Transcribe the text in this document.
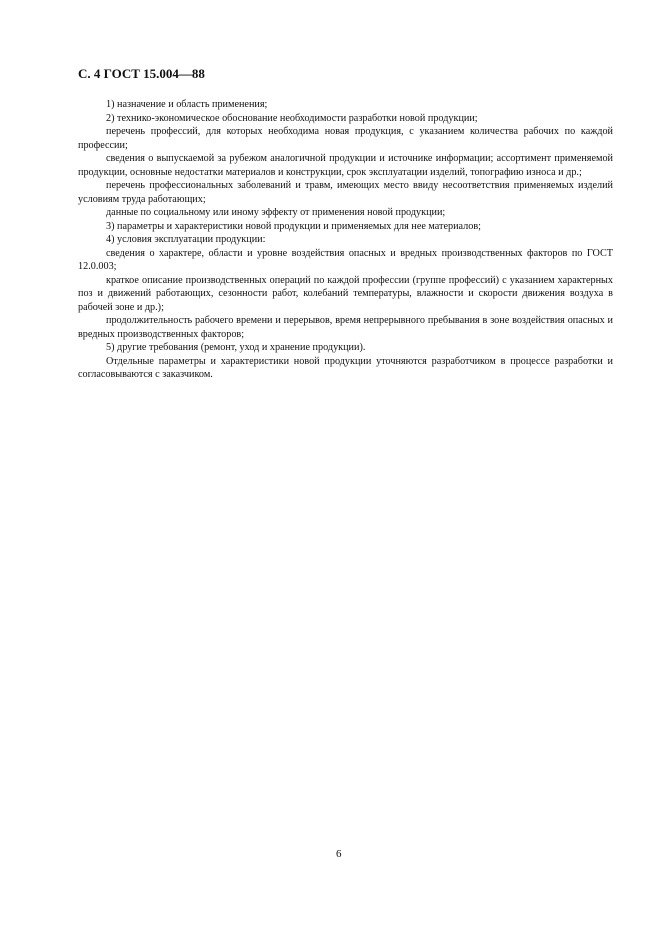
С. 4 ГОСТ 15.004—88

1) назначение и область применения;

2) технико-экономическое обоснование необходимости разработки новой продукции;

перечень профессий, для которых необходима новая продукция, с указанием количества рабочих по каждой профессии;

сведения о выпускаемой за рубежом аналогичной продукции и источнике информации; ассортимент применяемой продукции, основные недостатки материалов и конструкции, срок эксплуатации изделий, топографию износа и др.;

перечень профессиональных заболеваний и травм, имеющих место ввиду несоответствия применяемых изделий условиям труда работающих;

данные по социальному или иному эффекту от применения новой продукции;

3) параметры и характеристики новой продукции и применяемых для нее материалов;

4) условия эксплуатации продукции:

сведения о характере, области и уровне воздействия опасных и вредных производственных факторов по ГОСТ 12.0.003;

краткое описание производственных операций по каждой профессии (группе профессий) с указанием характерных поз и движений работающих, сезонности работ, колебаний температуры, влажности и скорости движения воздуха в рабочей зоне и др.);

продолжительность рабочего времени и перерывов, время непрерывного пребывания в зоне воздействия опасных и вредных производственных факторов;

5) другие требования (ремонт, уход и хранение продукции).

Отдельные параметры и характеристики новой продукции уточняются разработчиком в процессе разработки и согласовываются с заказчиком.

6
